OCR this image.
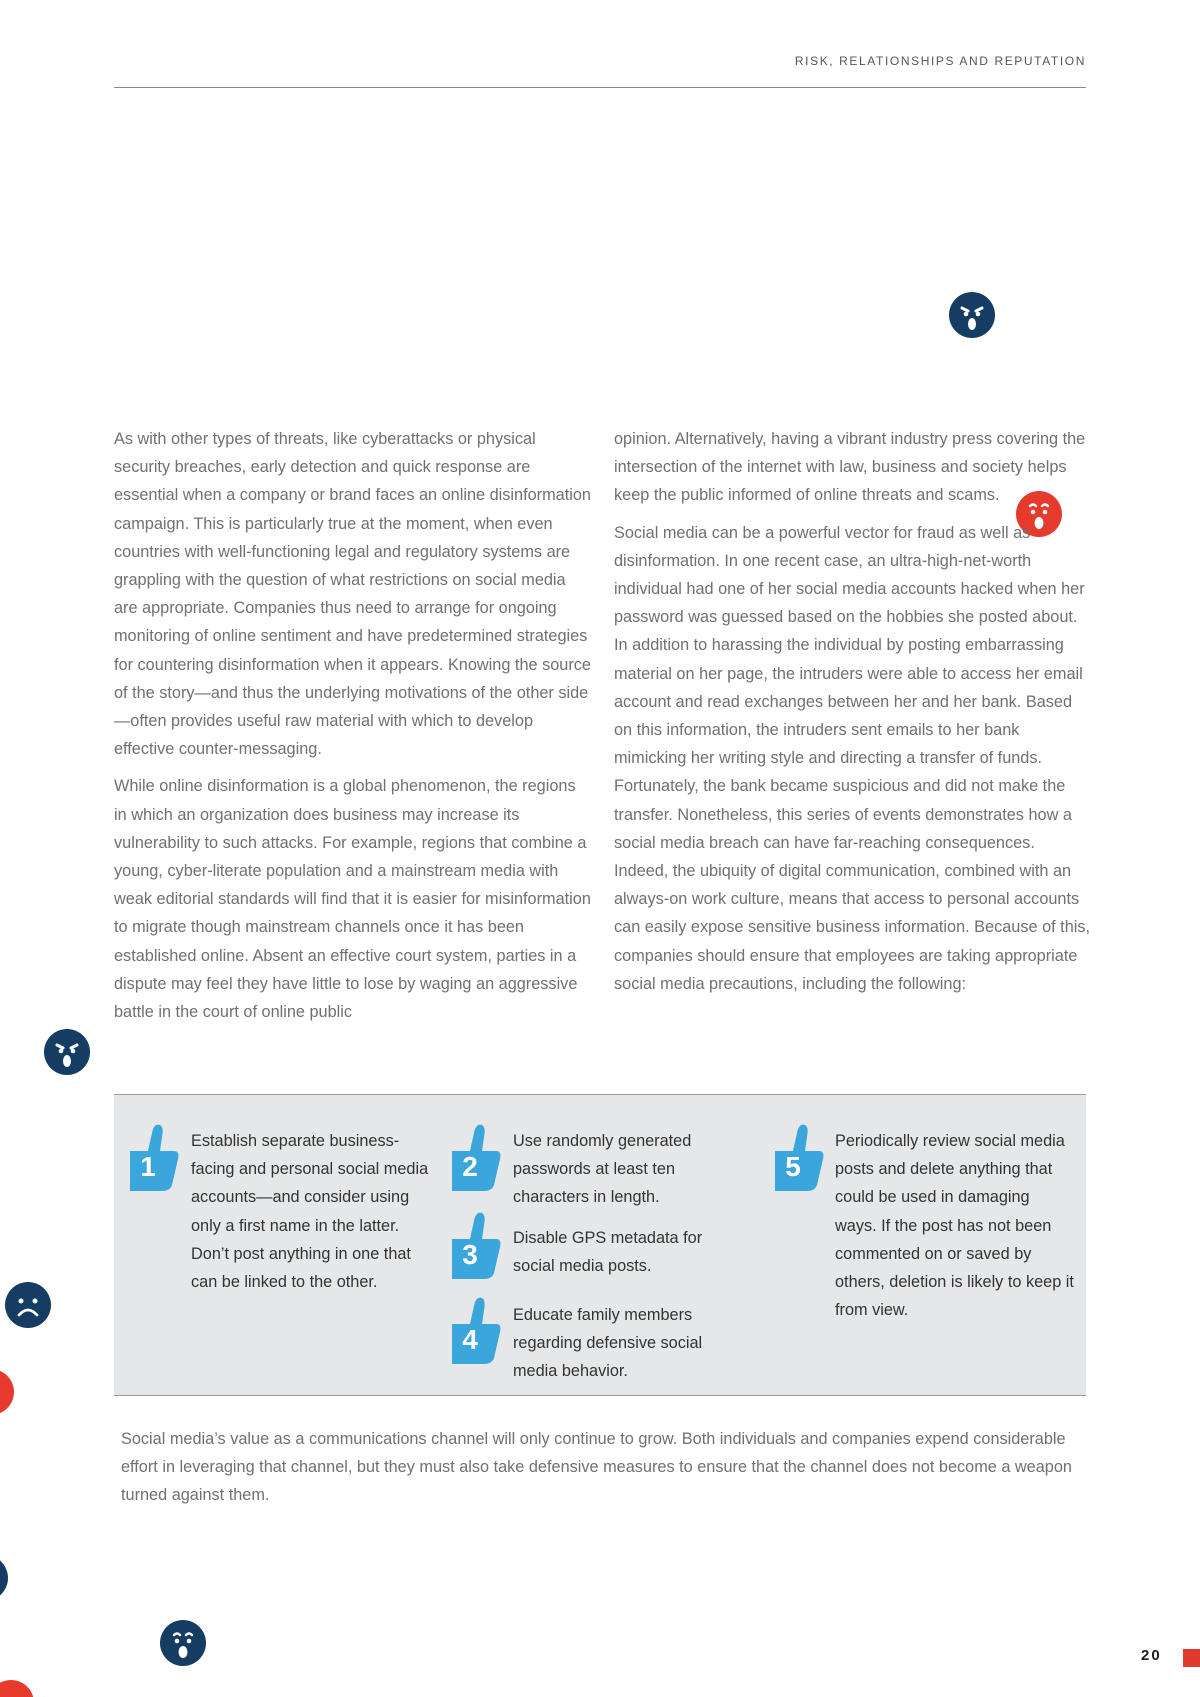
RISK, RELATIONSHIPS AND REPUTATION

As with other types of threats, like cyberattacks or physical security breaches, early detection and quick response are essential when a company or brand faces an online disinformation campaign. This is particularly true at the moment, when even countries with well-functioning legal and regulatory systems are grappling with the question of what restrictions on social media are appropriate. Companies thus need to arrange for ongoing monitoring of online sentiment and have predetermined strategies for countering disinformation when it appears. Knowing the source of the story—and thus the underlying motivations of the other side—often provides useful raw material with which to develop effective counter-messaging.

While online disinformation is a global phenomenon, the regions in which an organization does business may increase its vulnerability to such attacks. For example, regions that combine a young, cyber-literate population and a mainstream media with weak editorial standards will find that it is easier for misinformation to migrate though mainstream channels once it has been established online. Absent an effective court system, parties in a dispute may feel they have little to lose by waging an aggressive battle in the court of online public

opinion. Alternatively, having a vibrant industry press covering the intersection of the internet with law, business and society helps keep the public informed of online threats and scams.

Social media can be a powerful vector for fraud as well as disinformation. In one recent case, an ultra-high-net-worth individual had one of her social media accounts hacked when her password was guessed based on the hobbies she posted about. In addition to harassing the individual by posting embarrassing material on her page, the intruders were able to access her email account and read exchanges between her and her bank. Based on this information, the intruders sent emails to her bank mimicking her writing style and directing a transfer of funds. Fortunately, the bank became suspicious and did not make the transfer. Nonetheless, this series of events demonstrates how a social media breach can have far-reaching consequences. Indeed, the ubiquity of digital communication, combined with an always-on work culture, means that access to personal accounts can easily expose sensitive business information. Because of this, companies should ensure that employees are taking appropriate social media precautions, including the following:

1
Establish separate business-facing and personal social media accounts—and consider using only a first name in the latter. Don’t post anything in one that can be linked to the other.
2
Use randomly generated passwords at least ten characters in length.
3
Disable GPS metadata for social media posts.
4
Educate family members regarding defensive social media behavior.
5
Periodically review social media posts and delete anything that could be used in damaging ways. If the post has not been commented on or saved by others, deletion is likely to keep it from view.

Social media’s value as a communications channel will only continue to grow. Both individuals and companies expend considerable effort in leveraging that channel, but they must also take defensive measures to ensure that the channel does not become a weapon turned against them.

20
